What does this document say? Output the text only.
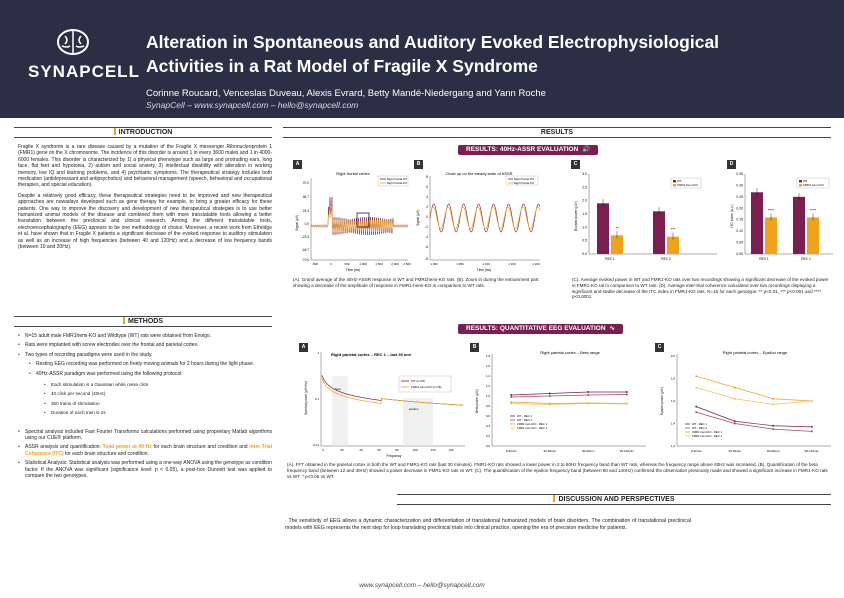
SYNAPCELL
Alteration in Spontaneous and Auditory Evoked Electrophysiological
Activities in a Rat Model of Fragile X Syndrome
Corinne Roucard, Venceslas Duveau, Alexis Evrard, Betty Mandé-Niedergang and Yann Roche
SynapCell – www.synapcell.com – hello@synapcell.com
INTRODUCTION

Fragile X syndrome is a rare disease caused by a mutation of the Fragile X messenger Ribonucleoprotein 1 (FMR1) gene on the X chromosome. The incidence of this disorder is around 1 in every 3600 males and 1 in 4000-6000 females. This disorder is characterized by 1) a physical phenotype such as large and protruding ears, long face, flat feet and hypotonia, 2) autism and social anxiety, 3) intellectual disability with alteration in working memory, low IQ and learning problems, and 4) psychiatric symptoms. The therapeutical strategy includes both medication (antidepressant and antipsychotics) and behavioral management (speech, behavioral and occupational therapies, and special education).

Despite a relatively good efficacy, these therapeutical strategies need to be improved and new therapeutical approaches are nowadays developed such as gene therapy for example, to bring a greater efficacy for these patients. One way to improve the discovery and development of new therapeutical strategies is to use better humanized animal models of the disease and combined them with more translatable tools allowing a better translation between the preclinical and clinical research. Among the different translatable tools, electroencephalography (EEG) appears to be one methodology of choice. Moreover, a recent work from Ethridge et al. have shown that in Fragile X patients a significant decrease of the evoked response to auditory stimulation as well as an increase of high frequencies (between 40 and 120Hz) and a decrease of low frequency bands (between 10 and 20Hz).

METHODS
• N=15 adult male FMR1hemi-KO and Wildtype (WT) rats were obtained from Envigo.
• Rats were implanted with screw electrodes over the frontal and parietal cortex.
• Two types of recording paradigms were used in the study.
• Resting EEG recording was performed on freely moving animals for 2 hours during the light phase.
• 40Hz-ASSR paradigm was performed using the following protocol:
• Each stimulation is a Gaussian white noise click
• 40 click per second (40Hz)
• 360 trains of stimulation
• Duration of each train is 2s
• Spectral analysis included Fast Fourier Transforms calculations performed using proprietary Matlab algorithms using our CUE® platform.
• ASSR analysis and quantification: Total power at 40 Hz for each brain structure and condition and Inter-Trial Coherence (ITC) for each brain structure and condition.
• Statistical Analysis: Statistical analysis was performed using a one-way ANOVA using the genotype as condition factor. If the ANOVA was significant (significance level: p < 0.05), a post-hoc Dunnett test was applied to compare the two genotypes.
RESULTS
RESULTS: 40Hz-ASSR EVALUATION 🔊
A	B	C	D
Right frontal cortex
Right frontal WT
Right frontal KO
70,0
46,7
23,3
0,0
-23,3
-46,7
-70,0
-500	0	500	1 000	1 500	2 000 2 500
Time (ms)
Signal (µV)
Close up on the steady state of ASSR
Right frontal WT
Right frontal KO
8
6
4
2
0
-2
-4
-6
-8
1 000	1 050	1 100	1 150	1 200
Time (ms)
Signal (µV)
0.0
0.5
1.0
1.5
2.0
2.5
3.0
Evoked power (µV²)
WT
FMR1 hemi-KO
**
REC 1
***
REC 2
0.00
0.05
0.10
0.15
0.20
0.25
0.30
0.35
ITC index (a.u.)
WT
FMR1 hemi-KO
****
REC 1
****
REC 2
(A). Grand average of the 40Hz-ASSR response in WT and FMR1hemi-KO rats. (B). Zoom in during the entrainment part showing a decrease of the amplitude of response in FMR1-hemi-KO in comparison to WT rats.
(C). Average evoked power in WT and FMR1-KO rats over two recordings showing a significant decrease of the evoked power in FMR1-KO rat in comparison to WT rats. (D). Average inter-trial coherence calculated over two recordings displaying a significant and stable decrease of the ITC index in FMR1-KO rats. N=15 for each genotype. ** p<0.01, *** p<0.001 and **** p<0.0001.
RESULTS: QUANTITATIVE EEG EVALUATION ∿
A	B	C
Right parietal cortex – REC 1 – last 30 min
WT (n=15)
FMR1 hemi-KO (n=15)
1
0,1
0,01
0	20	40	60	80	100	120	140
Frequency
Spectral power (µV²/Hz)	beta
epsilon
Right parietal cortex – Beta range
0,0
0,2
0,4
0,6
0,8
1,0
1,2
1,4
1,6
1,8
0-30min	30-60min	60-90min	90-120min
Beta power (µV²)
WT - REC 1
WT - REC 2
FMR1 hemi-KO - REC 1
FMR1 hemi-KO - REC 2
Right parietal cortex – Epsilon range
1,2
1,4
1,6
1,8
2,0
0-30min	30-60min	60-90min	90-120min
Epsilon power (µV²)
WT - REC 1
WT - REC 2
FMR1 hemi-KO - REC 1
FMR1 hemi-KO - REC 2
(A). FFT obtained in the parietal cortex in both the WT and FMR1-KO rats (last 30 minutes). FMR1-KO rats showed a lower power in 2 to 60Hz frequency band than WT rats, whereas the frequency range above 60Hz was increased. (B). Quantification of the beta frequency band (between 12 and 30Hz) showed a power decrease in FMR1-KO rats vs WT. (C). The quantification of the epsilon frequency band (between 90 and 140Hz) confirmed the observation previously made and showed a significant increase in FMR1-KO rats vs WT. * p<0.05 vs WT.
DISCUSSION AND PERSPECTIVES
› The sensitivity of EEG allows a dynamic characterization and differentiation of translational humanized models of brain disorders. The combination of translational preclinical models with EEG represents the next step for loop translating preclinical trials into clinical practice, opening the era of precision medicine for patients.
www.synapcell.com – hello@synapcell.com
